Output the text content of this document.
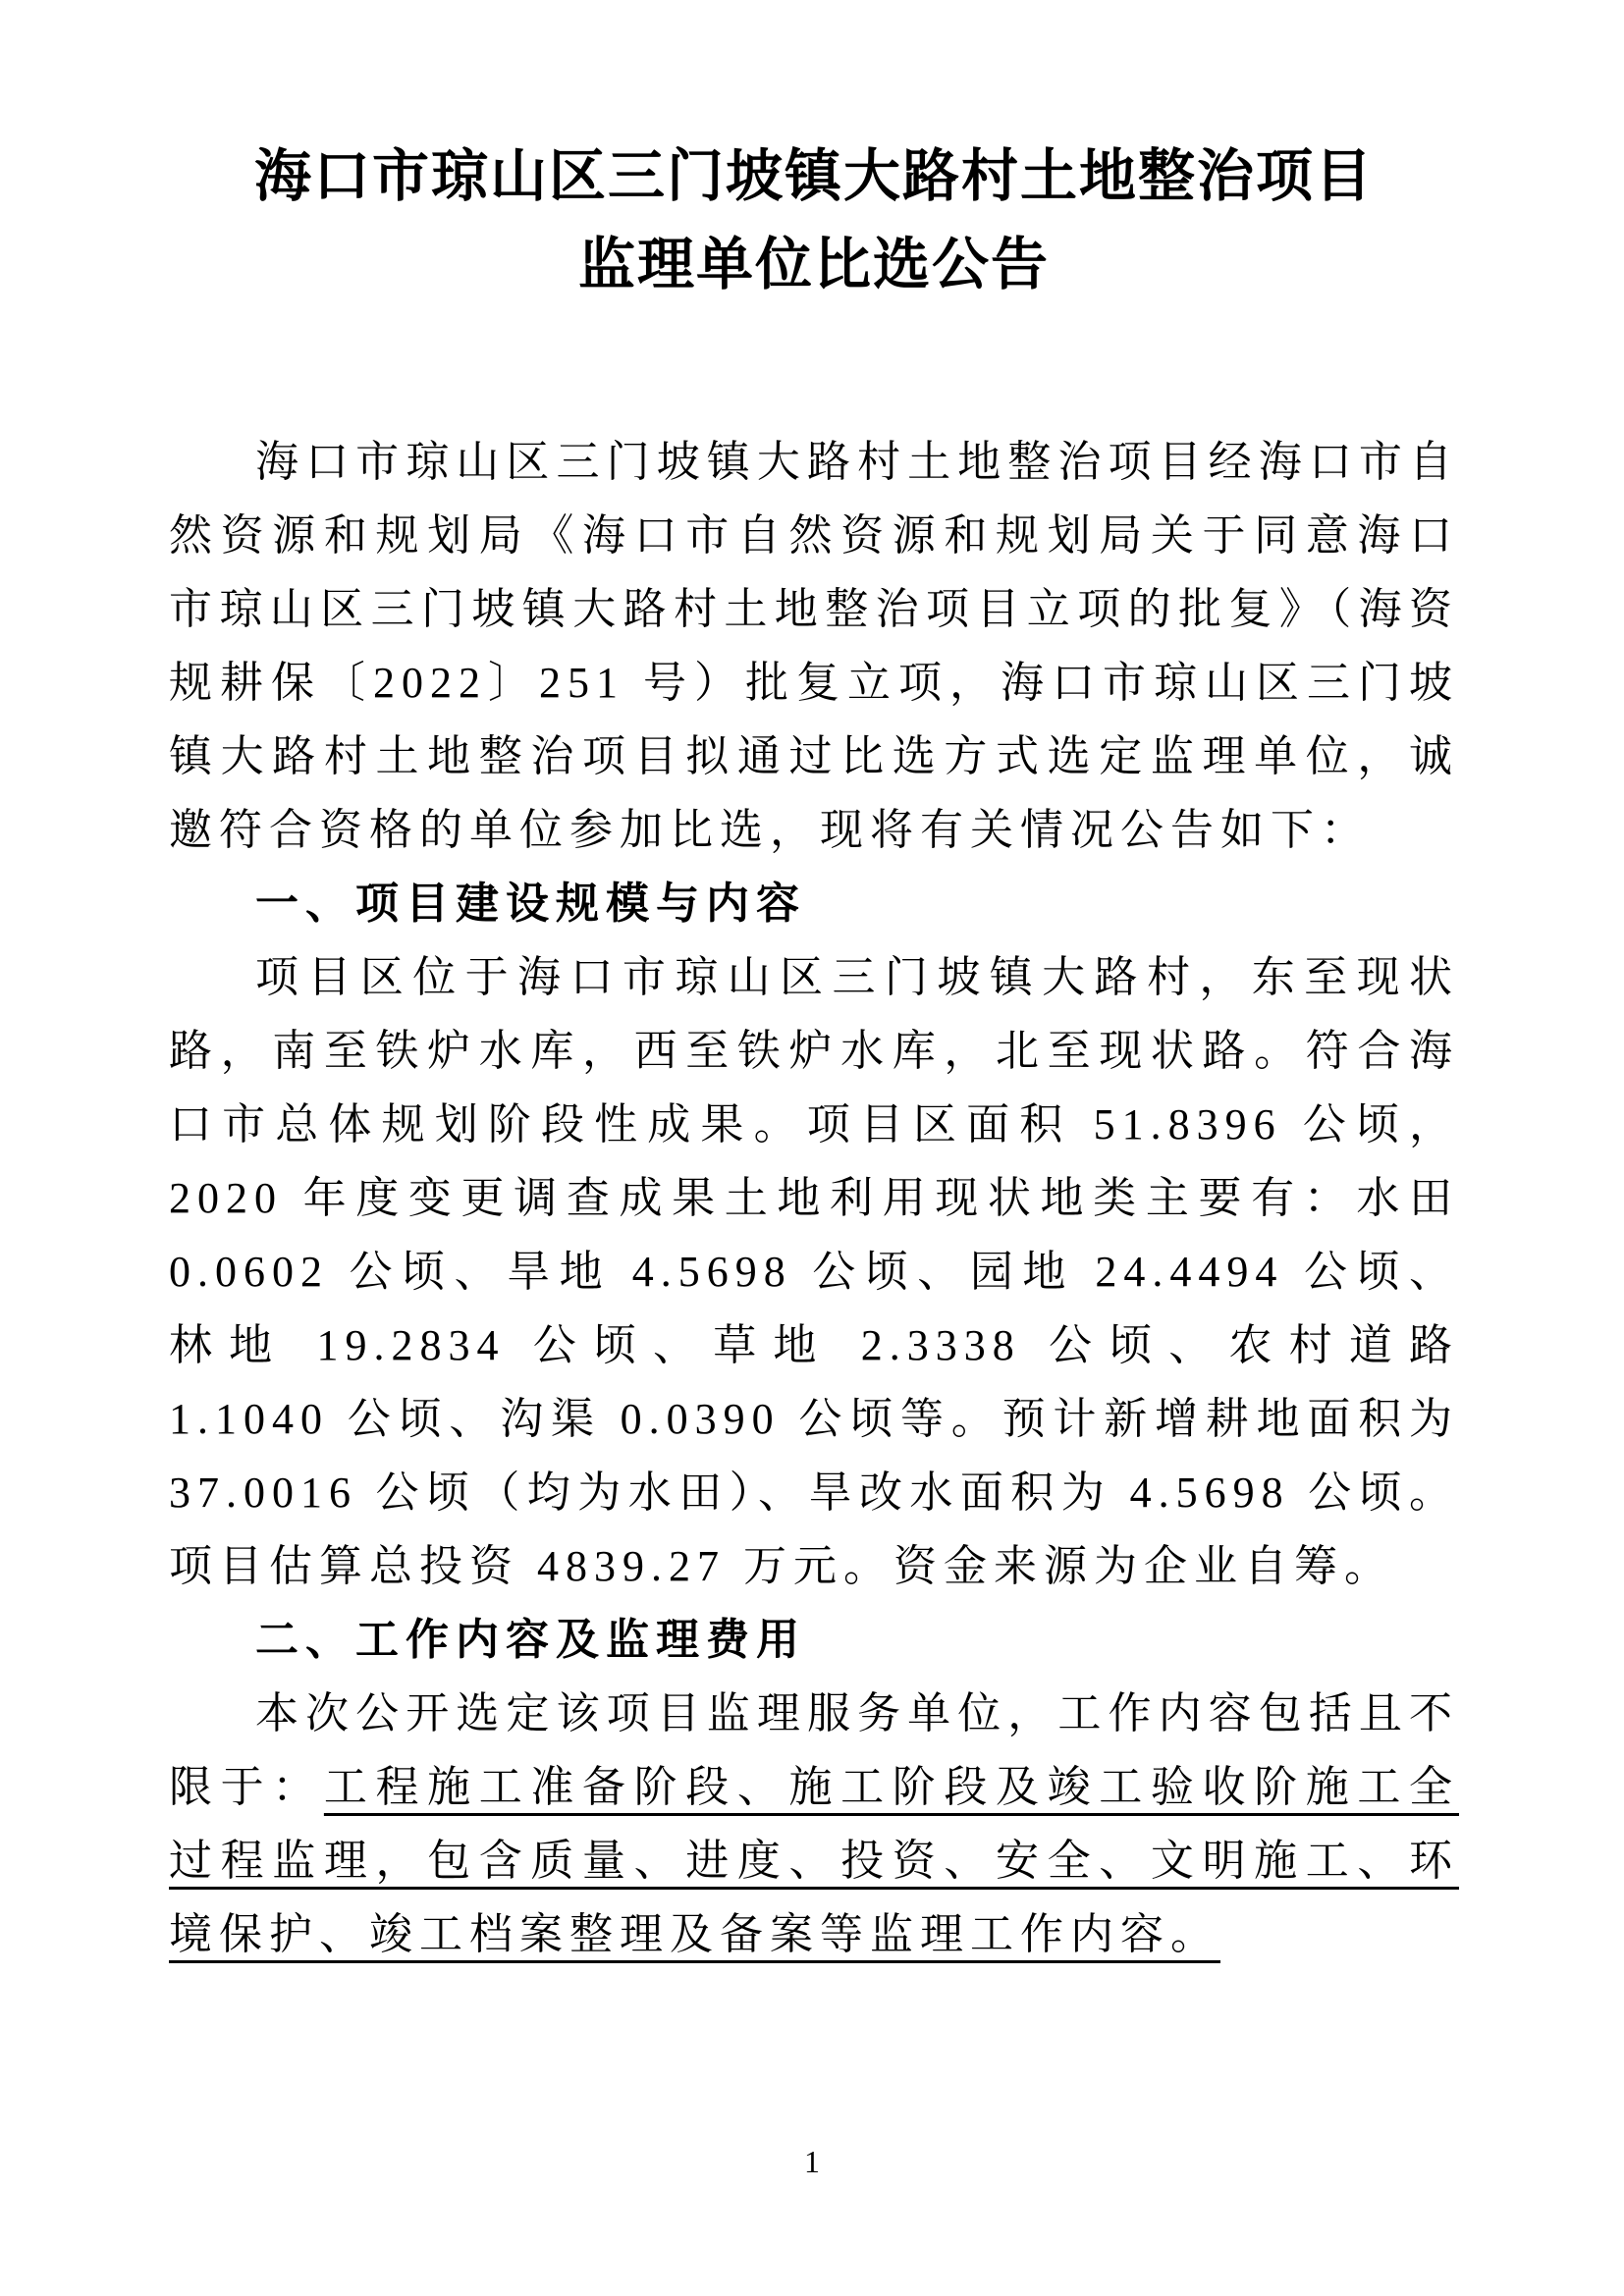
海口市琼山区三门坡镇大路村土地整治项目
监理单位比选公告

海口市琼山区三门坡镇大路村土地整治项目经海口市自然资源和规划局《海口市自然资源和规划局关于同意海口市琼山区三门坡镇大路村土地整治项目立项的批复》（海资规耕保〔2022〕251 号）批复立项，海口市琼山区三门坡镇大路村土地整治项目拟通过比选方式选定监理单位，诚邀符合资格的单位参加比选，现将有关情况公告如下：

一、项目建设规模与内容

项目区位于海口市琼山区三门坡镇大路村，东至现状路，南至铁炉水库，西至铁炉水库，北至现状路。符合海口市总体规划阶段性成果。项目区面积 51.8396 公顷，2020 年度变更调查成果土地利用现状地类主要有：水田 0.0602 公顷、旱地 4.5698 公顷、园地 24.4494 公顷、林地 19.2834 公顷、草地 2.3338 公顷、农村道路 1.1040 公顷、沟渠 0.0390 公顷等。预计新增耕地面积为 37.0016 公顷（均为水田）、旱改水面积为 4.5698 公顷。项目估算总投资 4839.27 万元。资金来源为企业自筹。

二、工作内容及监理费用

本次公开选定该项目监理服务单位，工作内容包括且不限于：工程施工准备阶段、施工阶段及竣工验收阶施工全过程监理，包含质量、进度、投资、安全、文明施工、环境保护、竣工档案整理及备案等监理工作内容。

1
